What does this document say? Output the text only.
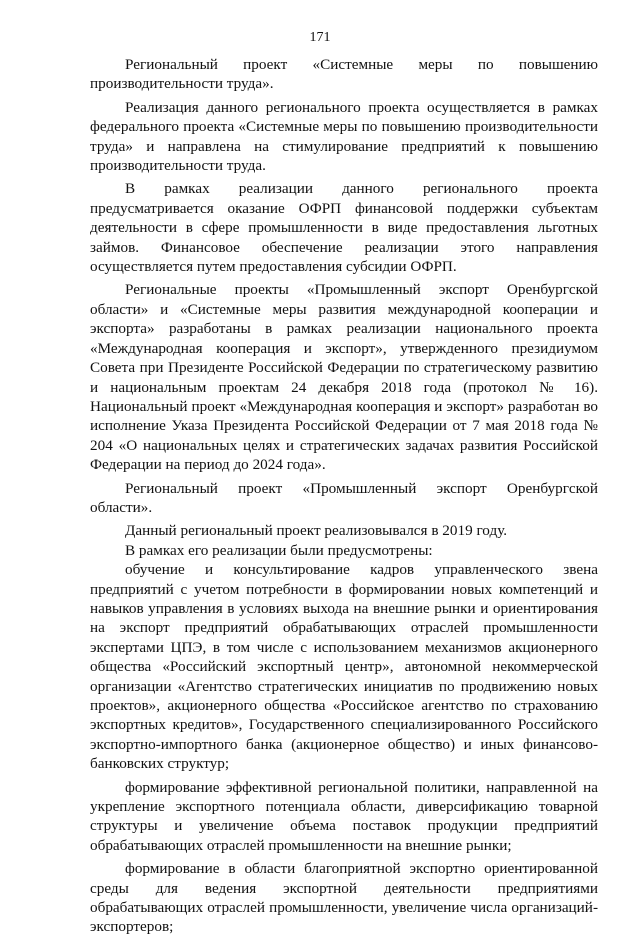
171

Региональный проект «Системные меры по повышению производительности труда».

Реализация данного регионального проекта осуществляется в рамках федерального проекта «Системные меры по повышению производительности труда» и направлена на стимулирование предприятий к повышению производительности труда.

В рамках реализации данного регионального проекта предусматривается оказание ОФРП финансовой поддержки субъектам деятельности в сфере промышленности в виде предоставления льготных займов. Финансовое обеспечение реализации этого направления осуществляется путем предоставления субсидии ОФРП.

Региональные проекты «Промышленный экспорт Оренбургской области» и «Системные меры развития международной кооперации и экспорта» разработаны в рамках реализации национального проекта «Международная кооперация и экспорт», утвержденного президиумом Совета при Президенте Российской Федерации по стратегическому развитию и национальным проектам 24 декабря 2018 года (протокол № 16). Национальный проект «Международная кооперация и экспорт» разработан во исполнение Указа Президента Российской Федерации от 7 мая 2018 года № 204 «О национальных целях и стратегических задачах развития Российской Федерации на период до 2024 года».

Региональный проект «Промышленный экспорт Оренбургской области».

Данный региональный проект реализовывался в 2019 году.

В рамках его реализации были предусмотрены:

обучение и консультирование кадров управленческого звена предприятий с учетом потребности в формировании новых компетенций и навыков управления в условиях выхода на внешние рынки и ориентирования на экспорт предприятий обрабатывающих отраслей промышленности экспертами ЦПЭ, в том числе с использованием механизмов акционерного общества «Российский экспортный центр», автономной некоммерческой организации «Агентство стратегических инициатив по продвижению новых проектов», акционерного общества «Российское агентство по страхованию экспортных кредитов», Государственного специализированного Российского экспортно-импортного банка (акционерное общество) и иных финансово-банковских структур;

формирование эффективной региональной политики, направленной на укрепление экспортного потенциала области, диверсификацию товарной структуры и увеличение объема поставок продукции предприятий обрабатывающих отраслей промышленности на внешние рынки;

формирование в области благоприятной экспортно ориентированной среды для ведения экспортной деятельности предприятиями обрабатывающих отраслей промышленности, увеличение числа организаций-экспортеров;
